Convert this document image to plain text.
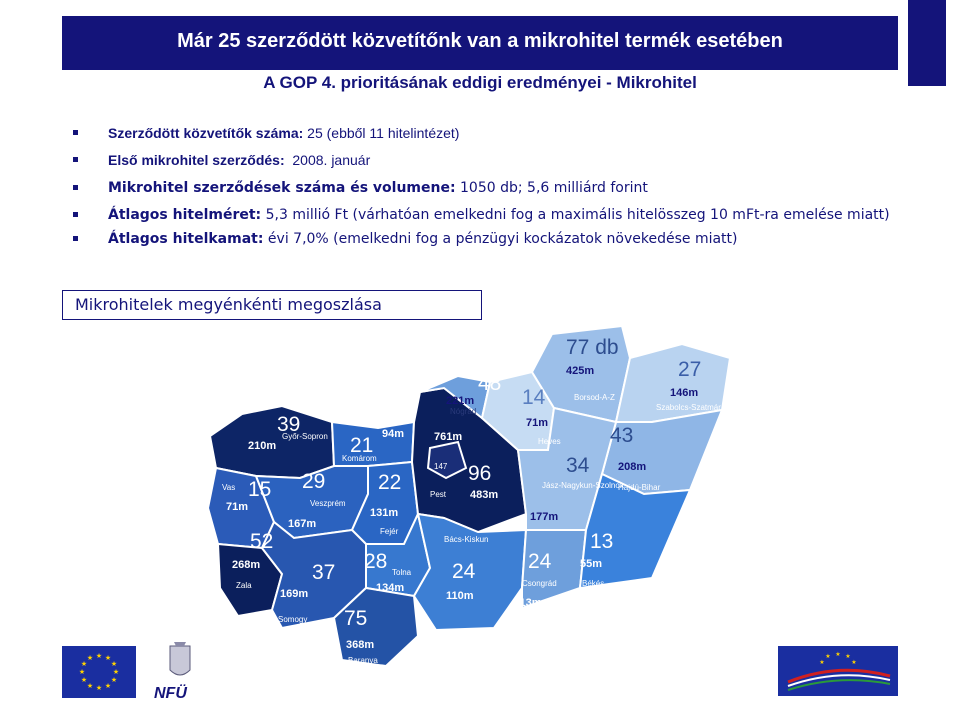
Már 25 szerződött közvetítőnk van a mikrohitel termék esetében
A GOP 4. prioritásának eddigi eredményei - Mikrohitel
Szerződött közvetítők száma: 25 (ebből 11 hitelintézet)
Első mikrohitel szerződés:  2008. január
Mikrohitel szerződések száma és volumene: 1050 db; 5,6 milliárd forint
Átlagos hitelméret: 5,3 millió Ft (várhatóan emelkedni fog a maximális hitelösszeg 10 mFt-ra emelése miatt)
Átlagos hitelkamat: évi 7,0% (emelkedni fog a pénzügyi kockázatok növekedése miatt)
Mikrohitelek megyénkénti megoszlása
39
Győr-Sopron
210m
94m
21
Komárom
Vas 15
71m
29
Veszprém
167m
22
131m
Fejér
52
268m
Zala
37
169m
Somogy
28 Tolna
134m
75
368m
Baranya
761m
147 96
Pest 483m
48
221m
Nógrád
14
71m
Heves
77 db
425m
Borsod-A-Z
27
146m
Szabolcs-Szatmár
43
208m
Hajdú-Bihar
34
Jász-Nagykun-Szolnok
177m
Bács-Kiskun
24
110m
24
Csongrád
113m
13
55m
Békés
★ ★
★
★
★
★
★
★
★
★
★
★
NFÜ
★ ★
★
★
★
